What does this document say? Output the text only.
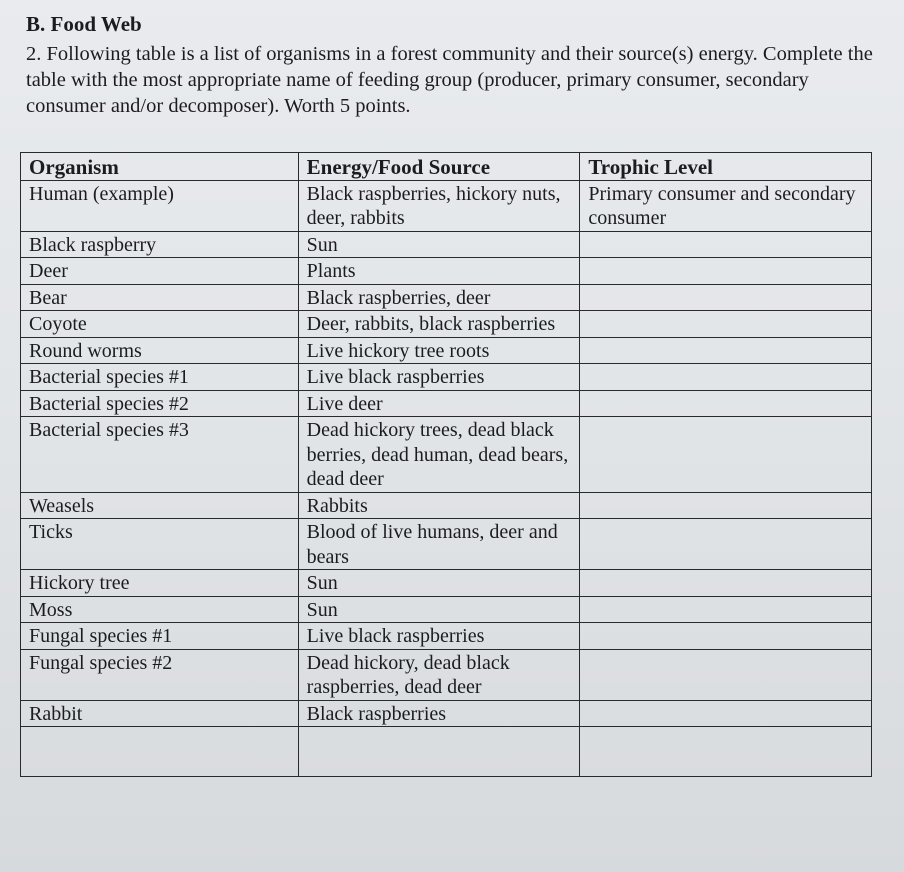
B. Food Web

2. Following table is a list of organisms in a forest community and their source(s) energy. Complete the table with the most appropriate name of feeding group (producer, primary consumer, secondary consumer and/or decomposer). Worth 5 points.

Organism	Energy/Food Source	Trophic Level
Human (example)	Black raspberries, hickory nuts, deer, rabbits	Primary consumer and secondary consumer
Black raspberry	Sun	
Deer	Plants	
Bear	Black raspberries, deer	
Coyote	Deer, rabbits, black raspberries	
Round worms	Live hickory tree roots	
Bacterial species #1	Live black raspberries	
Bacterial species #2	Live deer	
Bacterial species #3	Dead hickory trees, dead black berries, dead human, dead bears, dead deer	
Weasels	Rabbits	
Ticks	Blood of live humans, deer and bears	
Hickory tree	Sun	
Moss	Sun	
Fungal species #1	Live black raspberries	
Fungal species #2	Dead hickory, dead black raspberries, dead deer	
Rabbit	Black raspberries	
